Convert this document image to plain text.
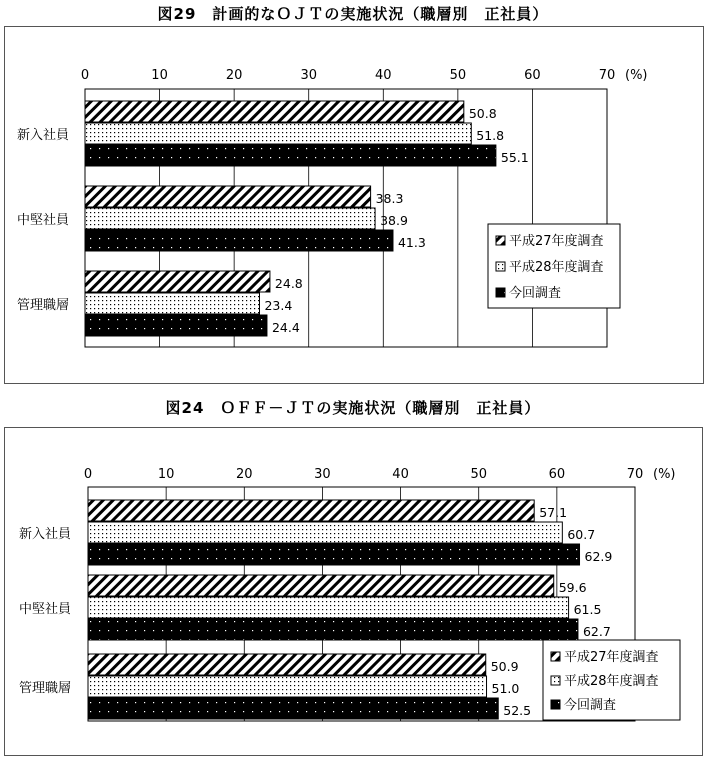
図29　計画的なＯＪＴの実施状況（職層別　正社員）
0	10	20	30	40	50	60	70 (%)
新入社員
50.8
51.8
55.1
中堅社員
38.3
38.9
41.3
管理職層
24.8
23.4
24.4
平成27年度調査
平成28年度調査
今回調査
図24　ＯＦＦ－ＪＴの実施状況（職層別　正社員）
0	10	20	30	40	50	60	70 (%)
新入社員
57.1
60.7
62.9
中堅社員
59.6
61.5
62.7
管理職層
50.9
51.0
52.5
平成27年度調査
平成28年度調査
今回調査
